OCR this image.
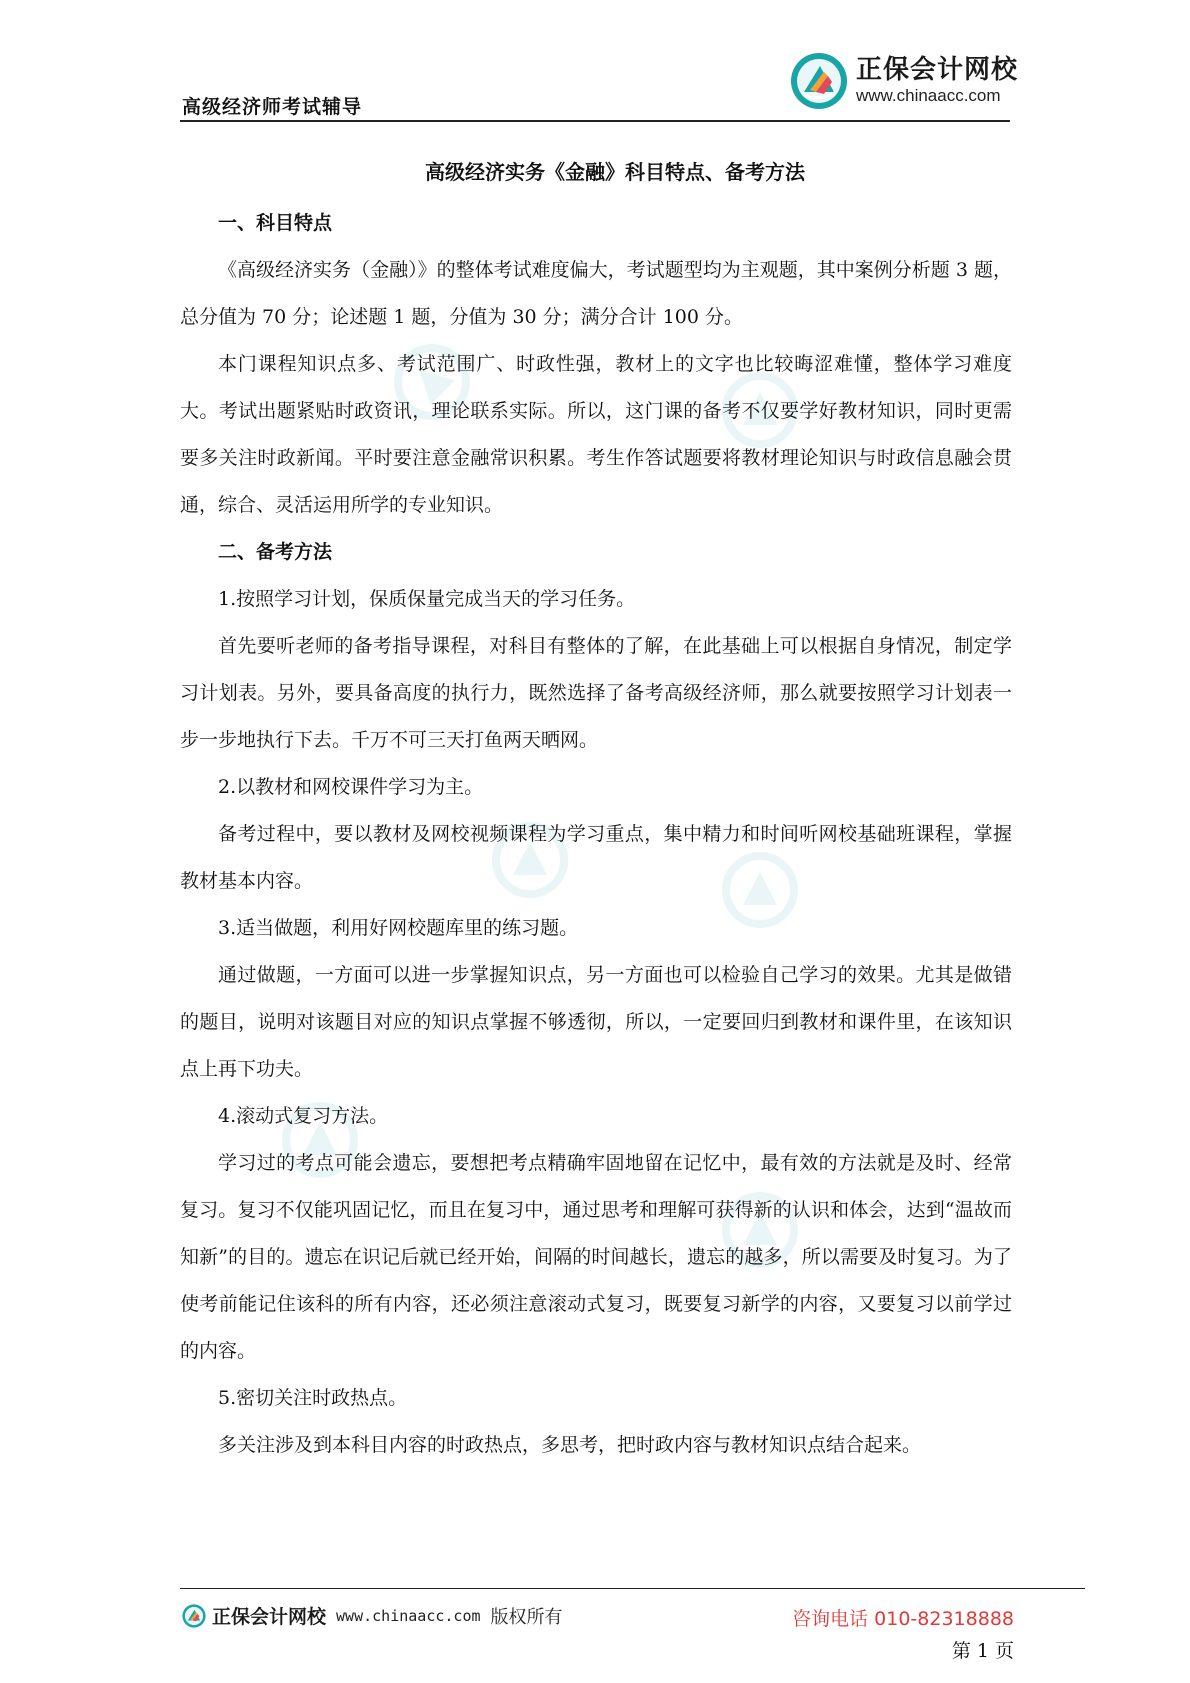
高级经济师考试辅导
正保会计网校
www.chinaacc.com
高级经济实务《金融》科目特点、备考方法

一、科目特点

《高级经济实务（金融）》的整体考试难度偏大，考试题型均为主观题，其中案例分析题 3 题，总分值为 70 分；论述题 1 题，分值为 30 分；满分合计 100 分。

本门课程知识点多、考试范围广、时政性强，教材上的文字也比较晦涩难懂，整体学习难度大。考试出题紧贴时政资讯，理论联系实际。所以，这门课的备考不仅要学好教材知识，同时更需要多关注时政新闻。平时要注意金融常识积累。考生作答试题要将教材理论知识与时政信息融会贯通，综合、灵活运用所学的专业知识。

二、备考方法

1.按照学习计划，保质保量完成当天的学习任务。

首先要听老师的备考指导课程，对科目有整体的了解，在此基础上可以根据自身情况，制定学习计划表。另外，要具备高度的执行力，既然选择了备考高级经济师，那么就要按照学习计划表一步一步地执行下去。千万不可三天打鱼两天晒网。

2.以教材和网校课件学习为主。

备考过程中，要以教材及网校视频课程为学习重点，集中精力和时间听网校基础班课程，掌握教材基本内容。

3.适当做题，利用好网校题库里的练习题。

通过做题，一方面可以进一步掌握知识点，另一方面也可以检验自己学习的效果。尤其是做错的题目，说明对该题目对应的知识点掌握不够透彻，所以，一定要回归到教材和课件里，在该知识点上再下功夫。

4.滚动式复习方法。

学习过的考点可能会遗忘，要想把考点精确牢固地留在记忆中，最有效的方法就是及时、经常复习。复习不仅能巩固记忆，而且在复习中，通过思考和理解可获得新的认识和体会，达到“温故而知新”的目的。遗忘在识记后就已经开始，间隔的时间越长，遗忘的越多，所以需要及时复习。为了使考前能记住该科的所有内容，还必须注意滚动式复习，既要复习新学的内容，又要复习以前学过的内容。

5.密切关注时政热点。

多关注涉及到本科目内容的时政热点，多思考，把时政内容与教材知识点结合起来。

正保会计网校 www.chinaacc.com 版权所有	咨询电话 010-82318888
第 1 页
